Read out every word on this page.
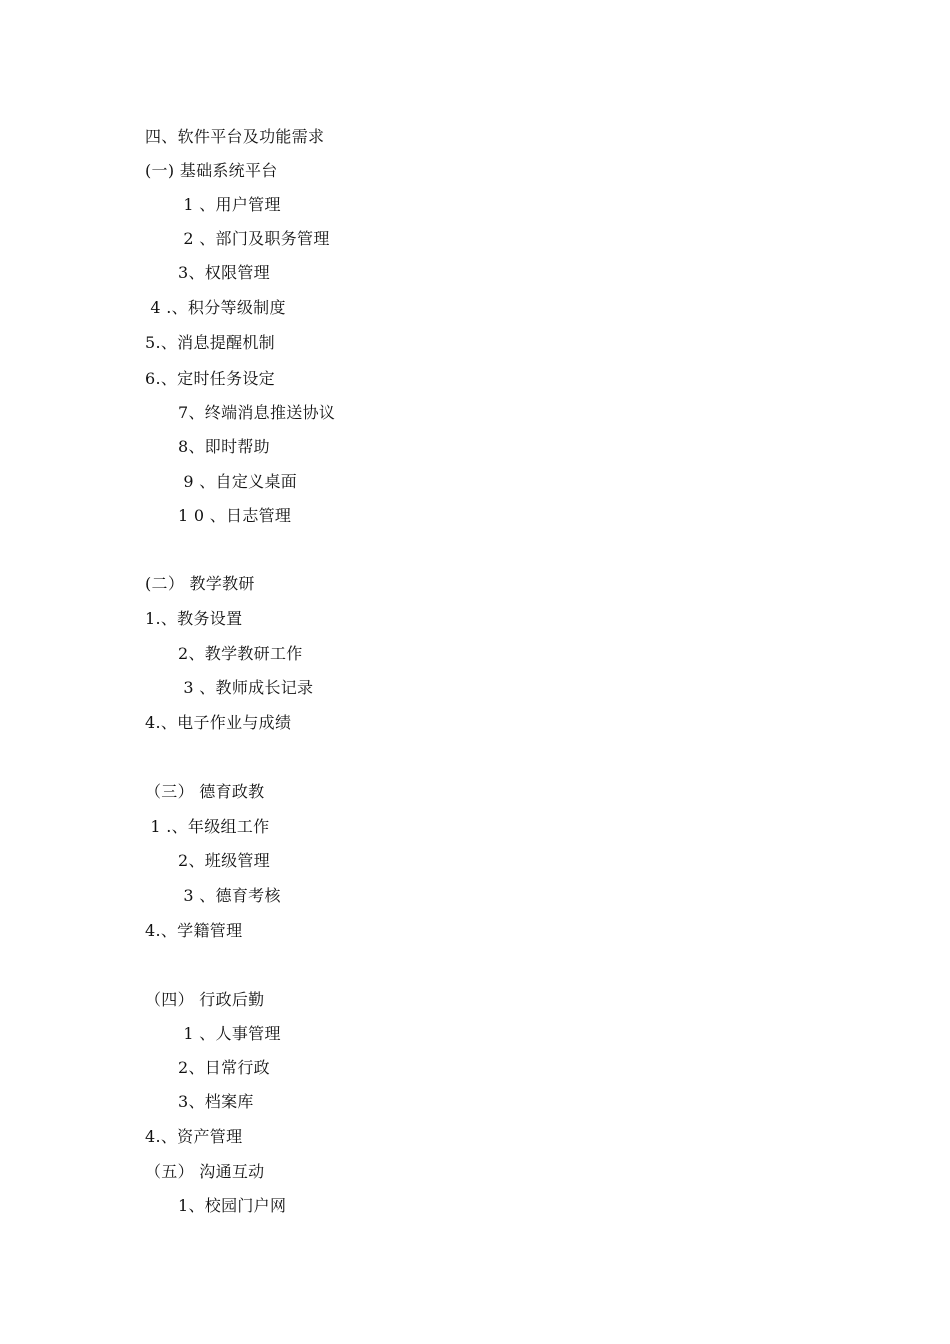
四、软件平台及功能需求
(一) 基础系统平台
1 、用户管理
2 、部门及职务管理
3、权限管理
4 .、积分等级制度
5.、消息提醒机制
6.、定时任务设定
7、终端消息推送协议
8、即时帮助
9 、自定义桌面
1 0 、日志管理
(二） 教学教研
1.、教务设置
2、教学教研工作
3 、教师成长记录
4.、电子作业与成绩
（三） 德育政教
1 .、年级组工作
2、班级管理
3 、德育考核
4.、学籍管理
（四） 行政后勤
1 、人事管理
2、日常行政
3、档案库
4.、资产管理
（五） 沟通互动
1、校园门户网
